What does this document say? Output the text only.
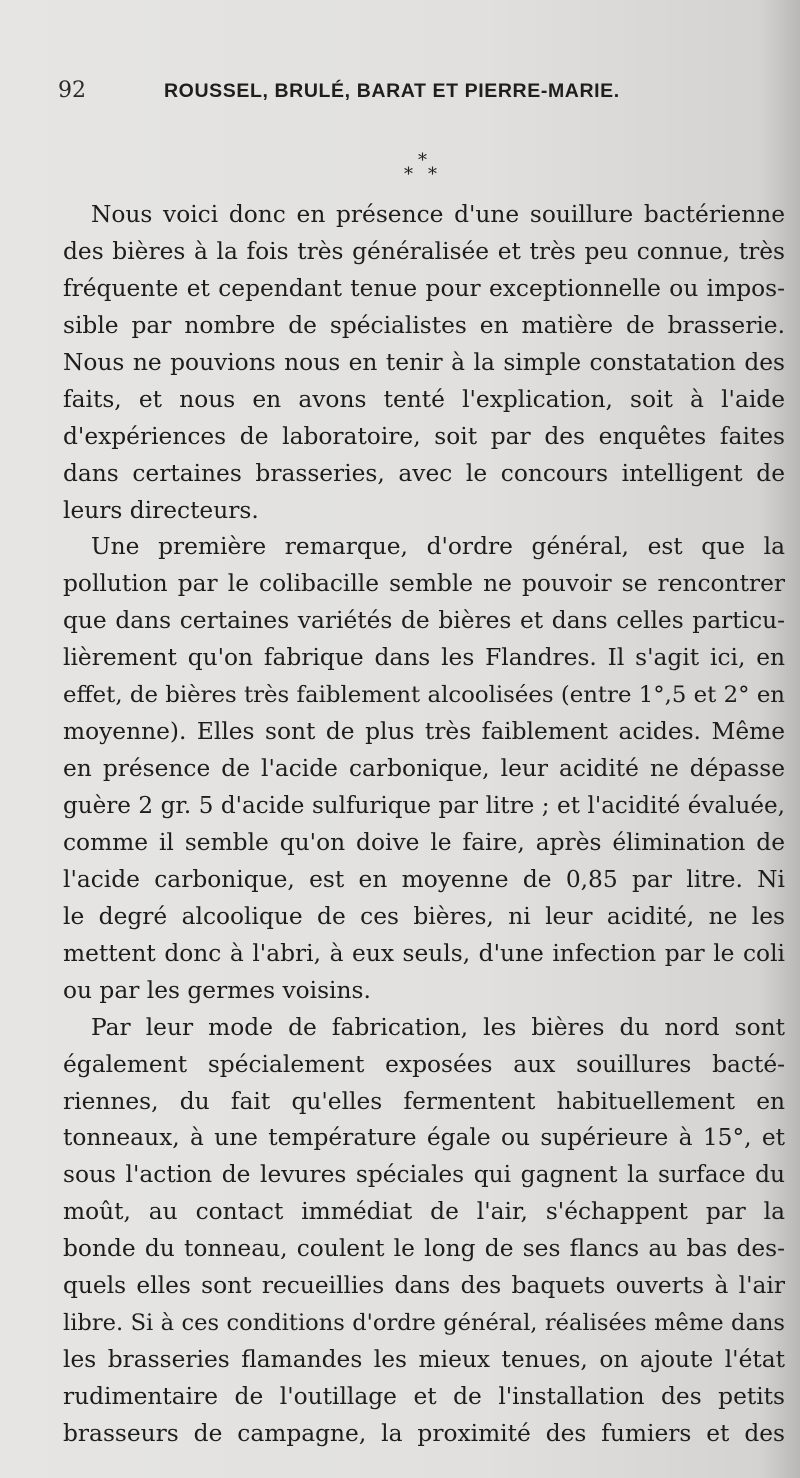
92	ROUSSEL, BRULÉ, BARAT ET PIERRE-MARIE.
*
* *
Nous voici donc en présence d'une souillure bactérienne
des bières à la fois très généralisée et très peu connue, très
fréquente et cependant tenue pour exceptionnelle ou impos-
sible par nombre de spécialistes en matière de brasserie.
Nous ne pouvions nous en tenir à la simple constatation des
faits, et nous en avons tenté l'explication, soit à l'aide
d'expériences de laboratoire, soit par des enquêtes faites
dans certaines brasseries, avec le concours intelligent de
leurs directeurs.
Une première remarque, d'ordre général, est que la
pollution par le colibacille semble ne pouvoir se rencontrer
que dans certaines variétés de bières et dans celles particu-
lièrement qu'on fabrique dans les Flandres. Il s'agit ici, en
effet, de bières très faiblement alcoolisées (entre 1°,5 et 2° en
moyenne). Elles sont de plus très faiblement acides. Même
en présence de l'acide carbonique, leur acidité ne dépasse
guère 2 gr. 5 d'acide sulfurique par litre ; et l'acidité évaluée,
comme il semble qu'on doive le faire, après élimination de
l'acide carbonique, est en moyenne de 0,85 par litre. Ni
le degré alcoolique de ces bières, ni leur acidité, ne les
mettent donc à l'abri, à eux seuls, d'une infection par le coli
ou par les germes voisins.
Par leur mode de fabrication, les bières du nord sont
également spécialement exposées aux souillures bacté-
riennes, du fait qu'elles fermentent habituellement en
tonneaux, à une température égale ou supérieure à 15°, et
sous l'action de levures spéciales qui gagnent la surface du
moût, au contact immédiat de l'air, s'échappent par la
bonde du tonneau, coulent le long de ses flancs au bas des-
quels elles sont recueillies dans des baquets ouverts à l'air
libre. Si à ces conditions d'ordre général, réalisées même dans
les brasseries flamandes les mieux tenues, on ajoute l'état
rudimentaire de l'outillage et de l'installation des petits
brasseurs de campagne, la proximité des fumiers et des
